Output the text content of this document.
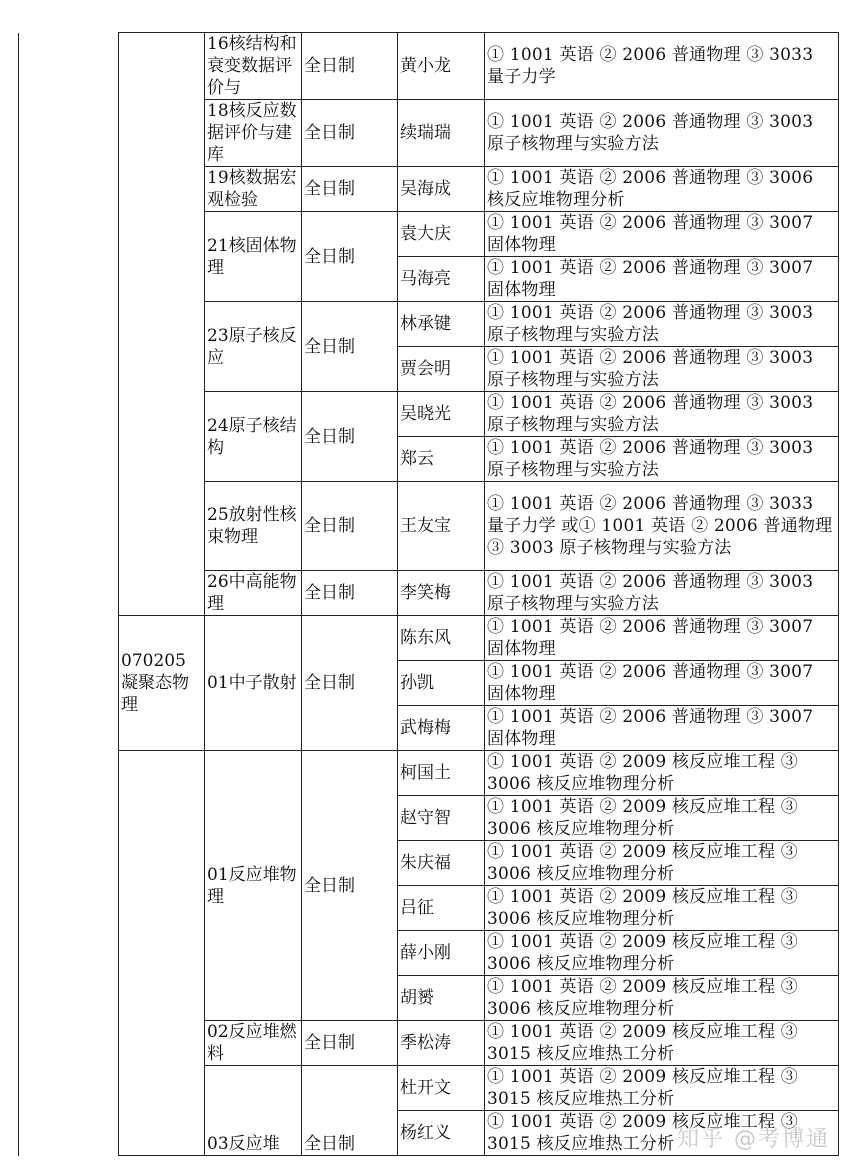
		16核结构和衰变数据评价与	全日制	黄小龙	① 1001 英语 ② 2006 普通物理 ③ 3033 量子力学
		18核反应数据评价与建库	全日制	续瑞瑞	① 1001 英语 ② 2006 普通物理 ③ 3003 原子核物理与实验方法
		19核数据宏观检验	全日制	吴海成	① 1001 英语 ② 2006 普通物理 ③ 3006 核反应堆物理分析
		21核固体物理	全日制	袁大庆	① 1001 英语 ② 2006 普通物理 ③ 3007 固体物理
				马海亮	① 1001 英语 ② 2006 普通物理 ③ 3007 固体物理
		23原子核反应	全日制	林承键	① 1001 英语 ② 2006 普通物理 ③ 3003 原子核物理与实验方法
				贾会明	① 1001 英语 ② 2006 普通物理 ③ 3003 原子核物理与实验方法
		24原子核结构	全日制	吴晓光	① 1001 英语 ② 2006 普通物理 ③ 3003 原子核物理与实验方法
				郑云	① 1001 英语 ② 2006 普通物理 ③ 3003 原子核物理与实验方法
		25放射性核束物理	全日制	王友宝	① 1001 英语 ② 2006 普通物理 ③ 3033 量子力学 或① 1001 英语 ② 2006 普通物理 ③ 3003 原子核物理与实验方法
		26中高能物理	全日制	李笑梅	① 1001 英语 ② 2006 普通物理 ③ 3003 原子核物理与实验方法
	070205凝聚态物理	01中子散射	全日制	陈东风	① 1001 英语 ② 2006 普通物理 ③ 3007 固体物理
				孙凯	① 1001 英语 ② 2006 普通物理 ③ 3007 固体物理
				武梅梅	① 1001 英语 ② 2006 普通物理 ③ 3007 固体物理
		01反应堆物理	全日制	柯国土	① 1001 英语 ② 2009 核反应堆工程 ③ 3006 核反应堆物理分析
				赵守智	① 1001 英语 ② 2009 核反应堆工程 ③ 3006 核反应堆物理分析
				朱庆福	① 1001 英语 ② 2009 核反应堆工程 ③ 3006 核反应堆物理分析
				吕征	① 1001 英语 ② 2009 核反应堆工程 ③ 3006 核反应堆物理分析
				薛小刚	① 1001 英语 ② 2009 核反应堆工程 ③ 3006 核反应堆物理分析
				胡赟	① 1001 英语 ② 2009 核反应堆工程 ③ 3006 核反应堆物理分析
		02反应堆燃料	全日制	季松涛	① 1001 英语 ② 2009 核反应堆工程 ③ 3015 核反应堆热工分析
		03反应堆	全日制	杜开文	① 1001 英语 ② 2009 核反应堆工程 ③ 3015 核反应堆热工分析
				杨红义	① 1001 英语 ② 2009 核反应堆工程 ③ 3015 核反应堆热工分析 知乎 @考博通
